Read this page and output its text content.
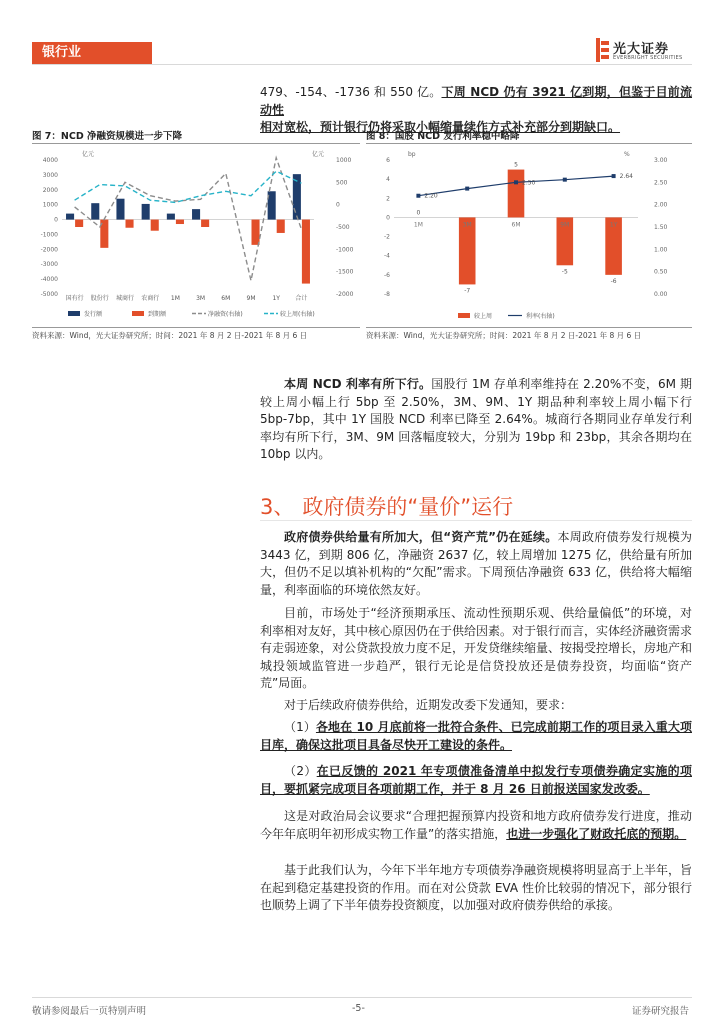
银行业	光大证券
EVERBRIGHT SECURITIES
479、-154、-1736 和 550 亿。下周 NCD 仍有 3921 亿到期，但鉴于目前流动性
相对宽松，预计银行仍将采取小幅缩量续作方式补充部分到期缺口。
图 7：NCD 净融资规模进一步下降
亿元	亿元
-5000
-4000
-3000
-2000
-1000
0
1000
2000
3000
4000
-2000
-1500
-1000
-500
0
500
1000
国有行 股份行 城商行 农商行 1M	3M	6M	9M	1Y	合计
发行额	到期额	净融资(右轴)	较上周(右轴)
资料来源：Wind，光大证券研究所；时间：2021 年 8 月 2 日-2021 年 8 月 6 日
图 8：国股 NCD 发行利率稳中略降
bp	%
-8
-6
-4
-2
0
2
4
6
0.00
0.50
1.00
1.50
2.00
2.50
3.00
0
-7
5
-5
-6
2.20
2.50
2.64
1M	3M	6M	9M	1Y
较上周	利率(右轴)
资料来源：Wind，光大证券研究所；时间：2021 年 8 月 2 日-2021 年 8 月 6 日
本周 NCD 利率有所下行。国股行 1M 存单利率维持在 2.20%不变，6M 期较上周小幅上行 5bp 至 2.50%，3M、9M、1Y 期品种利率较上周小幅下行 5bp-7bp，其中 1Y 国股 NCD 利率已降至 2.64%。城商行各期同业存单发行利率均有所下行，3M、9M 回落幅度较大，分别为 19bp 和 23bp，其余各期均在 10bp 以内。
3、 政府债券的“量价”运行
政府债券供给量有所加大，但“资产荒”仍在延续。本周政府债券发行规模为 3443 亿，到期 806 亿，净融资 2637 亿，较上周增加 1275 亿，供给量有所加大，但仍不足以填补机构的“欠配”需求。下周预估净融资 633 亿，供给将大幅缩量，利率面临的环境依然友好。
目前，市场处于“经济预期承压、流动性预期乐观、供给量偏低”的环境，对利率相对友好，其中核心原因仍在于供给因素。对于银行而言，实体经济融资需求有走弱迹象，对公贷款投放力度不足，开发贷继续缩量、按揭受控增长，房地产和城投领域监管进一步趋严，银行无论是信贷投放还是债券投资，均面临“资产荒”局面。
对于后续政府债券供给，近期发改委下发通知，要求：
（1）各地在 10 月底前将一批符合条件、已完成前期工作的项目录入重大项目库，确保这批项目具备尽快开工建设的条件。
（2）在已反馈的 2021 年专项债准备清单中拟发行专项债券确定实施的项目，要抓紧完成项目各项前期工作，并于 8 月 26 日前报送国家发改委。
这是对政治局会议要求“合理把握预算内投资和地方政府债券发行进度，推动今年年底明年初形成实物工作量”的落实措施，也进一步强化了财政托底的预期。
基于此我们认为，今年下半年地方专项债券净融资规模将明显高于上半年，旨在起到稳定基建投资的作用。而在对公贷款 EVA 性价比较弱的情况下，部分银行也顺势上调了下半年债券投资额度，以加强对政府债券供给的承接。
敬请参阅最后一页特别声明	-5-	证券研究报告
